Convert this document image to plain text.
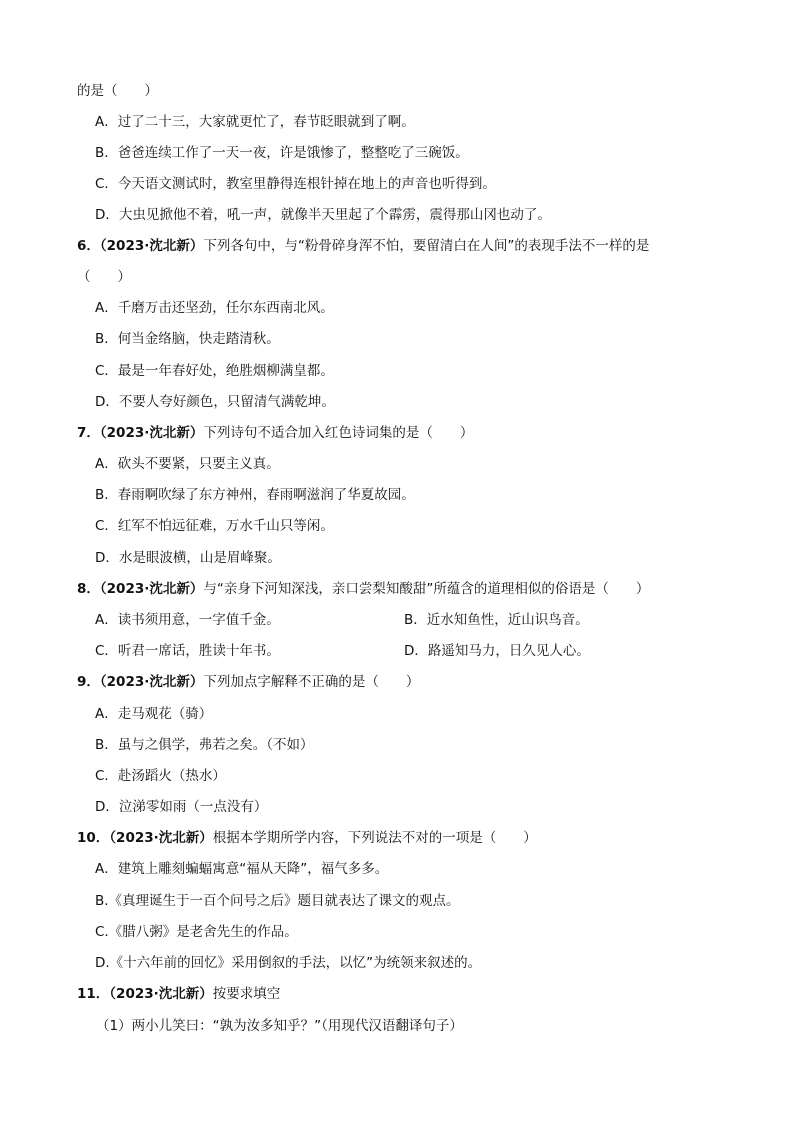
的是（　　）
A．过了二十三，大家就更忙了，春节眨眼就到了啊。
B．爸爸连续工作了一天一夜，许是饿惨了，整整吃了三碗饭。
C．今天语文测试时，教室里静得连根针掉在地上的声音也听得到。
D．大虫见掀他不着，吼一声，就像半天里起了个霹雳，震得那山冈也动了。
6．（2023·沈北新）下列各句中，与“粉骨碎身浑不怕，要留清白在人间”的表现手法不一样的是
（　　）
A．千磨万击还坚劲，任尔东西南北风。
B．何当金络脑，快走踏清秋。
C．最是一年春好处，绝胜烟柳满皇都。
D．不要人夸好颜色，只留清气满乾坤。
7．（2023·沈北新）下列诗句不适合加入红色诗词集的是（　　）
A．砍头不要紧，只要主义真。
B．春雨啊吹绿了东方神州，春雨啊滋润了华夏故园。
C．红军不怕远征难，万水千山只等闲。
D．水是眼波横，山是眉峰聚。
8．（2023·沈北新）与“亲身下河知深浅，亲口尝梨知酸甜”所蕴含的道理相似的俗语是（　　）
A．读书须用意，一字值千金。	B．近水知鱼性，近山识鸟音。
C．听君一席话，胜读十年书。	D．路遥知马力，日久见人心。
9．（2023·沈北新）下列加点字解释不正确的是（　　）
A．走马观花（骑）
B．虽与之俱学，弗若之矣。（不如）
C．赴汤蹈火（热水）
D．泣涕零如雨（一点没有）
10．（2023·沈北新）根据本学期所学内容，下列说法不对的一项是（　　）
A．建筑上雕刻蝙蝠寓意“福从天降”，福气多多。
B.《真理诞生于一百个问号之后》题目就表达了课文的观点。
C.《腊八粥》是老舍先生的作品。
D.《十六年前的回忆》采用倒叙的手法，以忆”为统领来叙述的。
11．（2023·沈北新）按要求填空
（1）两小儿笑曰：“孰为汝多知乎？”（用现代汉语翻译句子）
